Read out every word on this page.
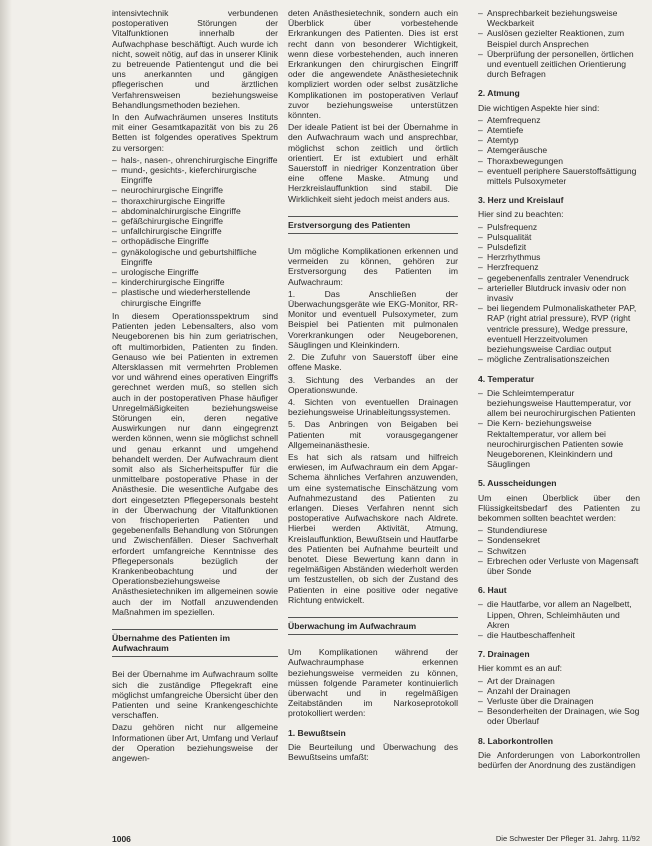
intensivtechnik verbundenen postoperativen Störungen der Vitalfunktionen innerhalb der Aufwachphase beschäftigt. Auch wurde ich nicht, soweit nötig, auf das in unserer Klinik zu betreuende Patientengut und die bei uns anerkannten und gängigen pflegerischen und ärztlichen Verfahrensweisen beziehungsweise Behandlungsmethoden beziehen.

In den Aufwachräumen unseres Instituts mit einer Gesamtkapazität von bis zu 26 Betten ist folgendes operatives Spektrum zu versorgen:

– hals-, nasen-, ohrenchirurgische Eingriffe
– mund-, gesichts-, kieferchirurgische Eingriffe
– neurochirurgische Eingriffe
– thoraxchirurgische Eingriffe
– abdominalchirurgische Eingriffe
– gefäßchirurgische Eingriffe
– unfallchirurgische Eingriffe
– orthopädische Eingriffe
– gynäkologische und geburtshilfliche Eingriffe
– urologische Eingriffe
– kinderchirurgische Eingriffe
– plastische und wiederherstellende chirurgische Eingriffe

In diesem Operationsspektrum sind Patienten jeden Lebensalters, also vom Neugeborenen bis hin zum geriatrischen, oft multimorbiden, Patienten zu finden. Genauso wie bei Patienten in extremen Altersklassen mit vermehrten Problemen vor und während eines operativen Eingriffs gerechnet werden muß, so stellen sich auch in der postoperativen Phase häufiger Unregelmäßigkeiten beziehungsweise Störungen ein, deren negative Auswirkungen nur dann eingegrenzt werden können, wenn sie möglichst schnell und genau erkannt und umgehend behandelt werden. Der Aufwachraum dient somit also als Sicherheitspuffer für die unmittelbare postoperative Phase in der Anästhesie. Die wesentliche Aufgabe des dort eingesetzten Pflegepersonals besteht in der Überwachung der Vitalfunktionen von frischoperierten Patienten und gegebenenfalls Behandlung von Störungen und Zwischenfällen. Dieser Sachverhalt erfordert umfangreiche Kenntnisse des Pflegepersonals bezüglich der Krankenbeobachtung und der Operationsbeziehungsweise Anästhesietechniken im allgemeinen sowie auch der im Notfall anzuwendenden Maßnahmen im speziellen.

Übernahme des Patienten im Aufwachraum

Bei der Übernahme im Aufwachraum sollte sich die zuständige Pflegekraft eine möglichst umfangreiche Übersicht über den Patienten und seine Krankengeschichte verschaffen.

Dazu gehören nicht nur allgemeine Informationen über Art, Umfang und Verlauf der Operation beziehungsweise der angewen-

deten Anästhesietechnik, sondern auch ein Überblick über vorbestehende Erkrankungen des Patienten. Dies ist erst recht dann von besonderer Wichtigkeit, wenn diese vorbestehenden, auch inneren Erkrankungen den chirurgischen Eingriff oder die angewendete Anästhesietechnik kompliziert worden oder selbst zusätzliche Komplikationen im postoperativen Verlauf zuvor beziehungsweise unterstützen könnten.

Der ideale Patient ist bei der Übernahme in den Aufwachraum wach und ansprechbar, möglichst schon zeitlich und örtlich orientiert. Er ist extubiert und erhält Sauerstoff in niedriger Konzentration über eine offene Maske. Atmung und Herzkreislauffunktion sind stabil. Die Wirklichkeit sieht jedoch meist anders aus.

Erstversorgung des Patienten

Um mögliche Komplikationen erkennen und vermeiden zu können, gehören zur Erstversorgung des Patienten im Aufwachraum:

1. Das Anschließen der Überwachungsgeräte wie EKG-Monitor, RR-Monitor und eventuell Pulsoxymeter, zum Beispiel bei Patienten mit pulmonalen Vorerkrankungen oder Neugeborenen, Säuglingen und Kleinkindern.
2. Die Zufuhr von Sauerstoff über eine offene Maske.
3. Sichtung des Verbandes an der Operationswunde.
4. Sichten von eventuellen Drainagen beziehungsweise Urinableitungssystemen.
5. Das Anbringen von Beigaben bei Patienten mit vorausgegangener Allgemeinanästhesie.

Es hat sich als ratsam und hilfreich erwiesen, im Aufwachraum ein dem Apgar-Schema ähnliches Verfahren anzuwenden, um eine systematische Einschätzung vom Aufnahmezustand des Patienten zu erlangen. Dieses Verfahren nennt sich postoperative Aufwachskore nach Aldrete. Hierbei werden Aktivität, Atmung, Kreislauffunktion, Bewußtsein und Hautfarbe des Patienten bei Aufnahme beurteilt und benotet. Diese Bewertung kann dann in regelmäßigen Abständen wiederholt werden um festzustellen, ob sich der Zustand des Patienten in eine positive oder negative Richtung entwickelt.

Überwachung im Aufwachraum

Um Komplikationen während der Aufwachraumphase erkennen beziehungsweise vermeiden zu können, müssen folgende Parameter kontinuierlich überwacht und in regelmäßigen Zeitabständen im Narkoseprotokoll protokolliert werden:

1. Bewußtsein

Die Beurteilung und Überwachung des Bewußtseins umfaßt:

– Ansprechbarkeit beziehungsweise Weckbarkeit
– Auslösen gezielter Reaktionen, zum Beispiel durch Ansprechen
– Überprüfung der personellen, örtlichen und eventuell zeitlichen Orientierung durch Befragen
2. Atmung

Die wichtigen Aspekte hier sind:

– Atemfrequenz
– Atemtiefe
– Atemtyp
– Atemgeräusche
– Thoraxbewegungen
– eventuell periphere Sauerstoffsättigung mittels Pulsoxymeter
3. Herz und Kreislauf

Hier sind zu beachten:

– Pulsfrequenz
– Pulsqualität
– Pulsdefizit
– Herzrhythmus
– Herzfrequenz
– gegebenenfalls zentraler Venendruck
– arterieller Blutdruck invasiv oder non invasiv
– bei liegendem Pulmonaliskatheter PAP, RAP (right atrial pressure), RVP (right ventricle pressure), Wedge pressure, eventuell Herzzeitvolumen beziehungsweise Cardiac output
– mögliche Zentralisationszeichen
4. Temperatur
– Die Schleimtemperatur beziehungsweise Hauttemperatur, vor allem bei neurochirurgischen Patienten
– Die Kern- beziehungsweise Rektaltemperatur, vor allem bei neurochirurgischen Patienten sowie Neugeborenen, Kleinkindern und Säuglingen
5. Ausscheidungen

Um einen Überblick über den Flüssigkeitsbedarf des Patienten zu bekommen sollten beachtet werden:

– Stundendiurese
– Sondensekret
– Schwitzen
– Erbrechen oder Verluste von Magensaft über Sonde
6. Haut
– die Hautfarbe, vor allem an Nagelbett, Lippen, Ohren, Schleimhäuten und Akren
– die Hautbeschaffenheit
7. Drainagen

Hier kommt es an auf:

– Art der Drainagen
– Anzahl der Drainagen
– Verluste über die Drainagen
– Besonderheiten der Drainagen, wie Sog oder Überlauf
8. Laborkontrollen

Die Anforderungen von Laborkontrollen bedürfen der Anordnung des zuständigen

1006	Die Schwester Der Pfleger 31. Jahrg. 11/92
